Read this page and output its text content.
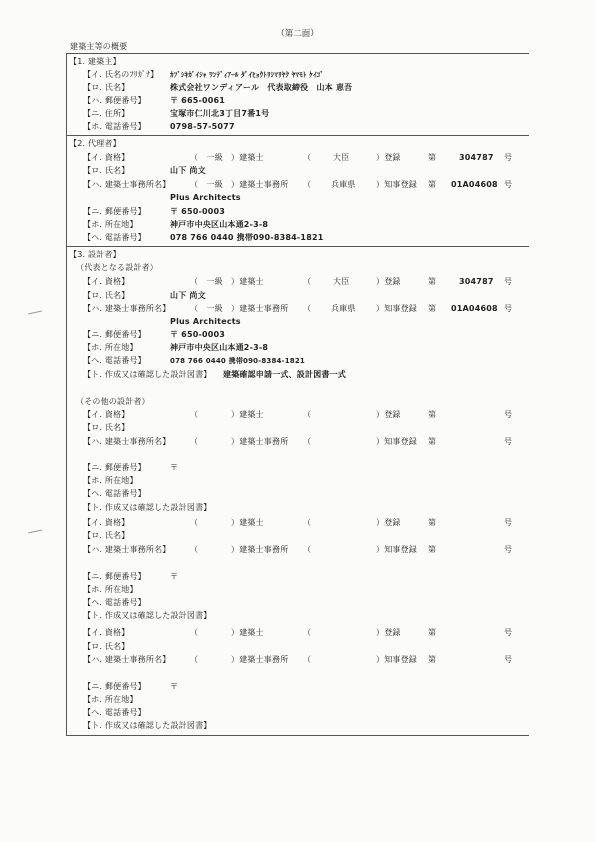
（第二面）
建築主等の概要
【1. 建築主】
【イ. 氏名のﾌﾘｶﾞﾅ】 ｶﾌﾞｼｷｶﾞｲｼｬ ﾜﾝﾃﾞｨｱｰﾙ ﾀﾞｲﾋｮｳﾄﾘｼﾏﾘﾔｸ ﾔﾏﾓﾄ ｹｲｺﾞ
【ロ. 氏名】	株式会社ワンディアール　代表取締役　山本 恵吾
【ハ. 郵便番号】	〒 665-0061
【ニ. 住所】	宝塚市仁川北3丁目7番1号
【ホ. 電話番号】	0798-57-5077
【2. 代理者】
【イ. 資格】	（　一級　）建築士	（	大臣	）登録	第	304787 号
【ロ. 氏名】	山下 尚文
【ハ. 建築士事務所名】 （　一級　）建築士事務所 （ 兵庫県	）知事登録 第 01A04608 号
Plus Architects
【ニ. 郵便番号】	〒 650-0003
【ホ. 所在地】	神戸市中央区山本通2-3-8
【ヘ. 電話番号】	078 766 0440 携帯090-8384-1821
【3. 設計者】
（代表となる設計者）
【イ. 資格】	（　一級　）建築士	（	大臣	）登録	第	304787 号
【ロ. 氏名】	山下 尚文
【ハ. 建築士事務所名】 （　一級　）建築士事務所 （ 兵庫県	）知事登録 第 01A04608 号
Plus Architects
【ニ. 郵便番号】	〒 650-0003
【ホ. 所在地】	神戸市中央区山本通2-3-8
【ヘ. 電話番号】	078 766 0440 携帯090-8384-1821
【ト. 作成又は確認した設計図書】 建築確認申請一式、設計図書一式
（その他の設計者）
【イ. 資格】	（　　　　）建築士	（	）登録	第	号
【ロ. 氏名】
【ハ. 建築士事務所名】 （　　　　）建築士事務所 （	）知事登録 第	号
【ニ. 郵便番号】	〒
【ホ. 所在地】
【ヘ. 電話番号】
【ト. 作成又は確認した設計図書】
【イ. 資格】	（　　　　）建築士	（	）登録	第	号
【ロ. 氏名】
【ハ. 建築士事務所名】 （　　　　）建築士事務所 （	）知事登録 第	号
【ニ. 郵便番号】	〒
【ホ. 所在地】
【ヘ. 電話番号】
【ト. 作成又は確認した設計図書】
【イ. 資格】	（　　　　）建築士	（	）登録	第	号
【ロ. 氏名】
【ハ. 建築士事務所名】 （　　　　）建築士事務所 （	）知事登録 第	号
【ニ. 郵便番号】	〒
【ホ. 所在地】
【ヘ. 電話番号】
【ト. 作成又は確認した設計図書】
